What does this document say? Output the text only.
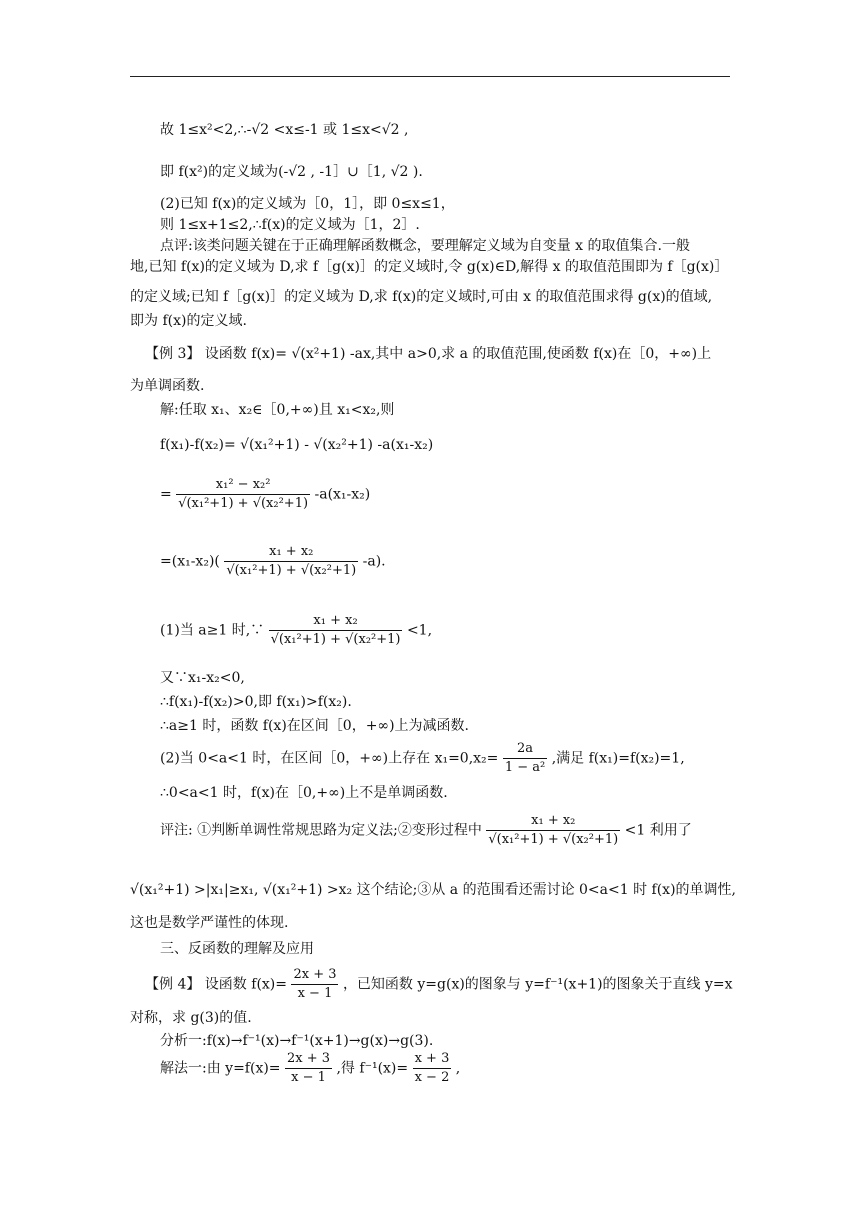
故 1≤x²<2,∴-√2 <x≤-1 或 1≤x<√2 ,
即 f(x²)的定义域为(-√2 , -1］∪［1, √2 ).
(2)已知 f(x)的定义域为［0，1］，即 0≤x≤1，
则 1≤x+1≤2,∴f(x)的定义域为［1，2］.
点评:该类问题关键在于正确理解函数概念，要理解定义域为自变量 x 的取值集合.一般
地,已知 f(x)的定义域为 D,求 f［g(x)］的定义域时,令 g(x)∈D,解得 x 的取值范围即为 f［g(x)］
的定义域;已知 f［g(x)］的定义域为 D,求 f(x)的定义域时,可由 x 的取值范围求得 g(x)的值域,
即为 f(x)的定义域.
【例 3】 设函数 f(x)= √(x²+1) -ax,其中 a>0,求 a 的取值范围,使函数 f(x)在［0，+∞)上
为单调函数.
解:任取 x₁、x₂∈［0,+∞)且 x₁<x₂,则
f(x₁)-f(x₂)= √(x₁²+1) - √(x₂²+1) -a(x₁-x₂)
= $\frac{\text{x₁² − x₂²}}{\text{√(x₁²+1) + √(x₂²+1)}} -a(x_1-x_2)$
$=(x_1-x_2)( \frac{\text{x₁ + x₂}}{\text{√(x₁²+1) + √(x₂²+1)}} -a)$.
(1)当 a≥1 时,∵ $\frac{\text{x₁ + x₂}}{\text{√(x₁²+1) + √(x₂²+1)}} <1$,
又∵x₁-x₂<0,
∴f(x₁)-f(x₂)>0,即 f(x₁)>f(x₂).
∴a≥1 时，函数 f(x)在区间［0，+∞)上为减函数.
(2)当 0<a<1 时，在区间［0，+∞)上存在 $x_1=0,x_2= \frac{2a}{\text{1 − a²}}$ ,满足 f(x₁)=f(x₂)=1,
∴0<a<1 时，f(x)在［0,+∞)上不是单调函数.
评注: ①判断单调性常规思路为定义法;②变形过程中 $\frac{\text{x₁ + x₂}}{\text{√(x₁²+1) + √(x₂²+1)}} <1$ 利用了
√(x₁²+1) >|x₁|≥x₁, √(x₁²+1) >x₂ 这个结论;③从 a 的范围看还需讨论 0<a<1 时 f(x)的单调性,
这也是数学严谨性的体现.
三、反函数的理解及应用
【例 4】 设函数 $f(x)= \frac{2x + 3}{x - 1}$ ，已知函数 y=g(x)的图象与 y=f⁻¹(x+1)的图象关于直线 y=x
对称，求 g(3)的值.
分析一:f(x)→f⁻¹(x)→f⁻¹(x+1)→g(x)→g(3).
解法一:由 $y=f(x)= \frac{2x + 3}{x - 1}$ ,得 $f^{-1}(x)= \frac{x + 3}{x - 2}$ ,
